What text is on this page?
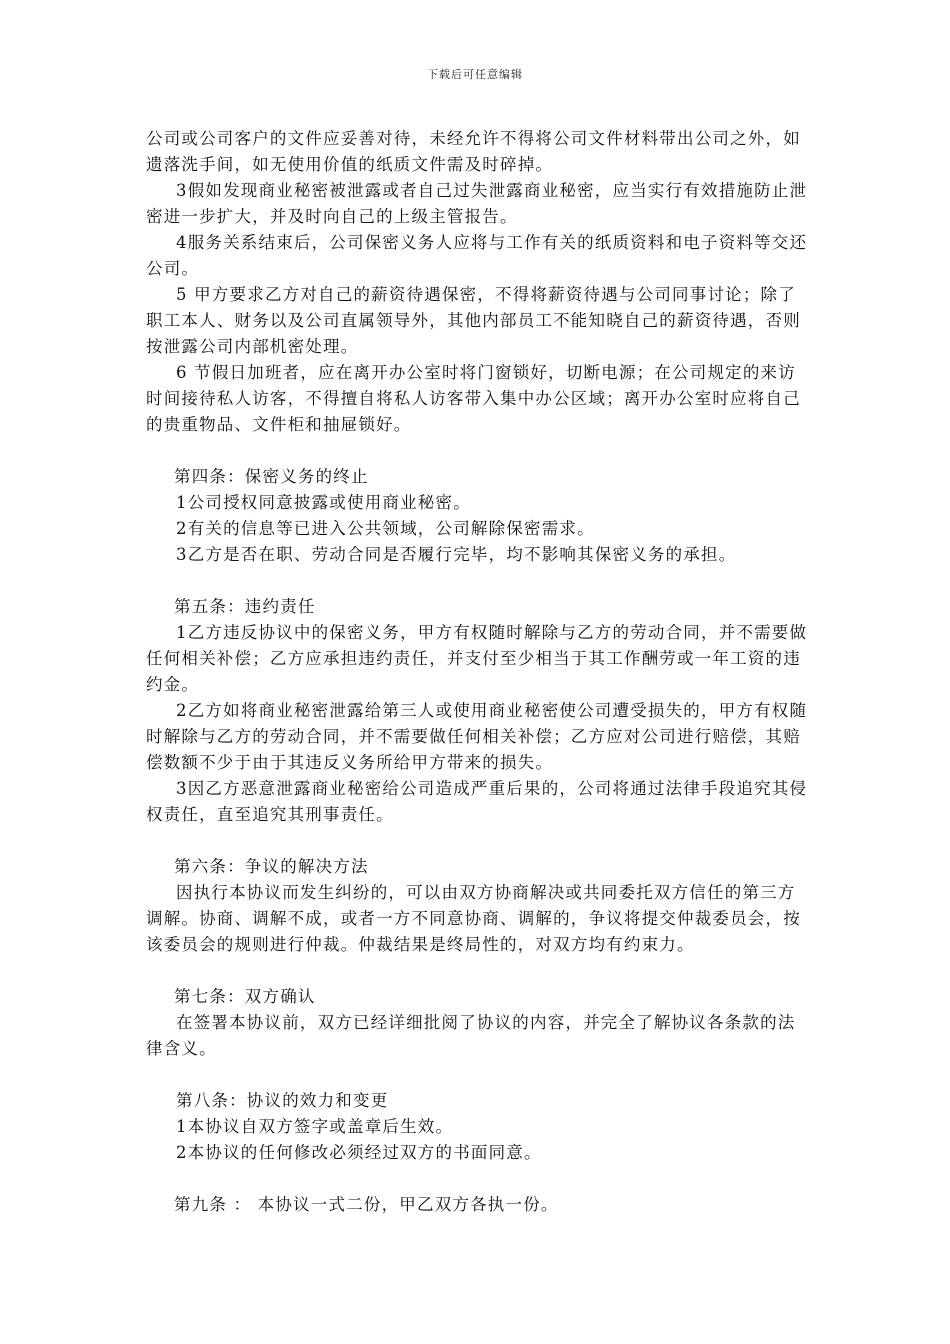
下载后可任意编辑

公司或公司客户的文件应妥善对待，未经允许不得将公司文件材料带出公司之外，如遗落洗手间，如无使用价值的纸质文件需及时碎掉。

3假如发现商业秘密被泄露或者自己过失泄露商业秘密，应当实行有效措施防止泄密进一步扩大，并及时向自己的上级主管报告。

4服务关系结束后，公司保密义务人应将与工作有关的纸质资料和电子资料等交还公司。

5 甲方要求乙方对自己的薪资待遇保密，不得将薪资待遇与公司同事讨论；除了职工本人、财务以及公司直属领导外，其他内部员工不能知晓自己的薪资待遇，否则按泄露公司内部机密处理。

6 节假日加班者，应在离开办公室时将门窗锁好，切断电源；在公司规定的来访时间接待私人访客，不得擅自将私人访客带入集中办公区域；离开办公室时应将自己的贵重物品、文件柜和抽屉锁好。

第四条：保密义务的终止

1公司授权同意披露或使用商业秘密。

2有关的信息等已进入公共领域，公司解除保密需求。

3乙方是否在职、劳动合同是否履行完毕，均不影响其保密义务的承担。

第五条：违约责任

1乙方违反协议中的保密义务，甲方有权随时解除与乙方的劳动合同，并不需要做任何相关补偿；乙方应承担违约责任，并支付至少相当于其工作酬劳或一年工资的违约金。

2乙方如将商业秘密泄露给第三人或使用商业秘密使公司遭受损失的，甲方有权随时解除与乙方的劳动合同，并不需要做任何相关补偿；乙方应对公司进行赔偿，其赔偿数额不少于由于其违反义务所给甲方带来的损失。

3因乙方恶意泄露商业秘密给公司造成严重后果的，公司将通过法律手段追究其侵权责任，直至追究其刑事责任。

第六条：争议的解决方法

因执行本协议而发生纠纷的，可以由双方协商解决或共同委托双方信任的第三方调解。协商、调解不成，或者一方不同意协商、调解的，争议将提交仲裁委员会，按该委员会的规则进行仲裁。仲裁结果是终局性的，对双方均有约束力。

第七条：双方确认

在签署本协议前，双方已经详细批阅了协议的内容，并完全了解协议各条款的法律含义。

第八条：协议的效力和变更

1本协议自双方签字或盖章后生效。

2本协议的任何修改必须经过双方的书面同意。

第九条 ： 本协议一式二份，甲乙双方各执一份。
